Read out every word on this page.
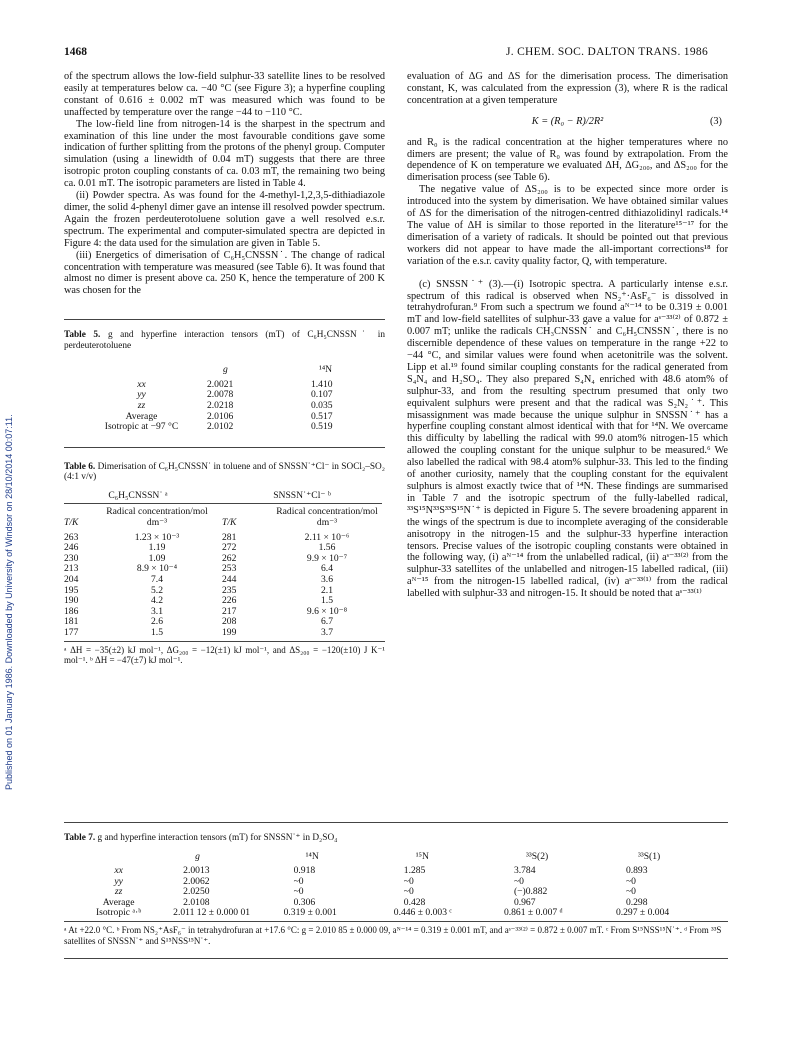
1468	J. CHEM. SOC. DALTON TRANS. 1986
Published on 01 January 1986. Downloaded by University of Windsor on 28/10/2014 00:07:11.

of the spectrum allows the low-field sulphur-33 satellite lines to be resolved easily at temperatures below ca. −40 °C (see Figure 3); a hyperfine coupling constant of 0.616 ± 0.002 mT was measured which was found to be unaffected by temperature over the range −44 to −110 °C.

The low-field line from nitrogen-14 is the sharpest in the spectrum and examination of this line under the most favourable conditions gave some indication of further splitting from the protons of the phenyl group. Computer simulation (using a linewidth of 0.04 mT) suggests that there are three isotropic proton coupling constants of ca. 0.03 mT, the remaining two being ca. 0.01 mT. The isotropic parameters are listed in Table 4.

(ii) Powder spectra. As was found for the 4-methyl-1,2,3,5-dithiadiazole dimer, the solid 4-phenyl dimer gave an intense ill resolved powder spectrum. Again the frozen perdeuterotoluene solution gave a well resolved e.s.r. spectrum. The experimental and computer-simulated spectra are depicted in Figure 4: the data used for the simulation are given in Table 5.

(iii) Energetics of dimerisation of C₆H₅CNSSN˙. The change of radical concentration with temperature was measured (see Table 6). It was found that almost no dimer is present above ca. 250 K, hence the temperature of 200 K was chosen for the

Table 5. g and hyperfine interaction tensors (mT) of C₆H₅CNSSN˙ in perdeuterotoluene
	g	¹⁴N

xx	2.0021	1.410
yy	2.0078	0.107
zz	2.0218	0.035
Average	2.0106	0.517
Isotropic at −97 °C	2.0102	0.519
Table 6. Dimerisation of C₆H₅CNSSN˙ in toluene and of SNSSN˙⁺Cl⁻ in SOCl₂–SO₂ (4:1 v/v)
C₆H₅CNSSN˙ ᵃ		SNSSN˙⁺Cl⁻ ᵇ	
T/K	Radical concentration/mol dm⁻³	T/K	Radical concentration/mol dm⁻³

263	1.23 × 10⁻³	281	2.11 × 10⁻⁶
246	1.19	272	1.56
230	1.09	262	9.9 × 10⁻⁷
213	8.9 × 10⁻⁴	253	6.4
204	7.4	244	3.6
195	5.2	235	2.1
190	4.2	226	1.5
186	3.1	217	9.6 × 10⁻⁸
181	2.6	208	6.7
177	1.5	199	3.7
ᵃ ΔH = −35(±2) kJ mol⁻¹, ΔG₂₀₀ = −12(±1) kJ mol⁻¹, and ΔS₂₀₀ = −120(±10) J K⁻¹ mol⁻¹. ᵇ ΔH = −47(±7) kJ mol⁻¹.

evaluation of ΔG and ΔS for the dimerisation process. The dimerisation constant, K, was calculated from the expression (3), where R is the radical concentration at a given temperature

K = (R₀ − R)/2R²	(3)

and R₀ is the radical concentration at the higher temperatures where no dimers are present; the value of R₀ was found by extrapolation. From the dependence of K on temperature we evaluated ΔH, ΔG₂₀₀, and ΔS₂₀₀ for the dimerisation process (see Table 6).

The negative value of ΔS₂₀₀ is to be expected since more order is introduced into the system by dimerisation. We have obtained similar values of ΔS for the dimerisation of the nitrogen-centred dithiazolidinyl radicals.¹⁴ The value of ΔH is similar to those reported in the literature¹⁵⁻¹⁷ for the dimerisation of a variety of radicals. It should be pointed out that previous workers did not appear to have made the all-important corrections¹⁸ for variation of the e.s.r. cavity quality factor, Q, with temperature.

(c) SNSSN˙⁺ (3).—(i) Isotropic spectra. A particularly intense e.s.r. spectrum of this radical is observed when NS₂⁺·AsF₆⁻ is dissolved in tetrahydrofuran.⁹ From such a spectrum we found aᴺ⁻¹⁴ to be 0.319 ± 0.001 mT and low-field satellites of sulphur-33 gave a value for aˢ⁻³³⁽²⁾ of 0.872 ± 0.007 mT; unlike the radicals CH₃CNSSN˙ and C₆H₅CNSSN˙, there is no discernible dependence of these values on temperature in the range +22 to −44 °C, and similar values were found when acetonitrile was the solvent. Lipp et al.¹⁹ found similar coupling constants for the radical generated from S₄N₄ and H₂SO₄. They also prepared S₄N₄ enriched with 48.6 atom% of sulphur-33, and from the resulting spectrum presumed that only two equivalent sulphurs were present and that the radical was S₂N₂˙⁺. This misassignment was made because the unique sulphur in SNSSN˙⁺ has a hyperfine coupling constant almost identical with that for ¹⁴N. We overcame this difficulty by labelling the radical with 99.0 atom% nitrogen-15 which allowed the coupling constant for the unique sulphur to be measured.⁶ We also labelled the radical with 98.4 atom% sulphur-33. This led to the finding of another curiosity, namely that the coupling constant for the equivalent sulphurs is almost exactly twice that of ¹⁴N. These findings are summarised in Table 7 and the isotropic spectrum of the fully-labelled radical, ³³S¹⁵N³³S³³S¹⁵N˙⁺ is depicted in Figure 5. The severe broadening apparent in the wings of the spectrum is due to incomplete averaging of the considerable anisotropy in the nitrogen-15 and the sulphur-33 hyperfine interaction tensors. Precise values of the isotropic coupling constants were obtained in the following way, (i) aᴺ⁻¹⁴ from the unlabelled radical, (ii) aˢ⁻³³⁽²⁾ from the sulphur-33 satellites of the unlabelled and nitrogen-15 labelled radical, (iii) aᴺ⁻¹⁵ from the nitrogen-15 labelled radical, (iv) aˢ⁻³³⁽¹⁾ from the radical labelled with sulphur-33 and nitrogen-15. It should be noted that aˢ⁻³³⁽¹⁾

Table 7. g and hyperfine interaction tensors (mT) for SNSSN˙⁺ in D₂SO₄
	g	¹⁴N	¹⁵N	³³S(2)	³³S(1)

xx	2.0013	0.918	1.285	3.784	0.893
yy	2.0062	~0	~0	~0	~0
zz	2.0250	~0	~0	(−)0.882	~0
Average	2.0108	0.306	0.428	0.967	0.298
Isotropic ᵃ·ᵇ	2.011 12 ± 0.000 01	0.319 ± 0.001	0.446 ± 0.003 ᶜ	0.861 ± 0.007 ᵈ	0.297 ± 0.004
ᵃ At +22.0 °C. ᵇ From NS₂⁺AsF₆⁻ in tetrahydrofuran at +17.6 °C: g = 2.010 85 ± 0.000 09, aᴺ⁻¹⁴ = 0.319 ± 0.001 mT, and aˢ⁻³³⁽²⁾ = 0.872 ± 0.007 mT. ᶜ From S¹⁵NSS¹⁵N˙⁺. ᵈ From ³³S satellites of SNSSN˙⁺ and S¹⁵NSS¹⁵N˙⁺.
